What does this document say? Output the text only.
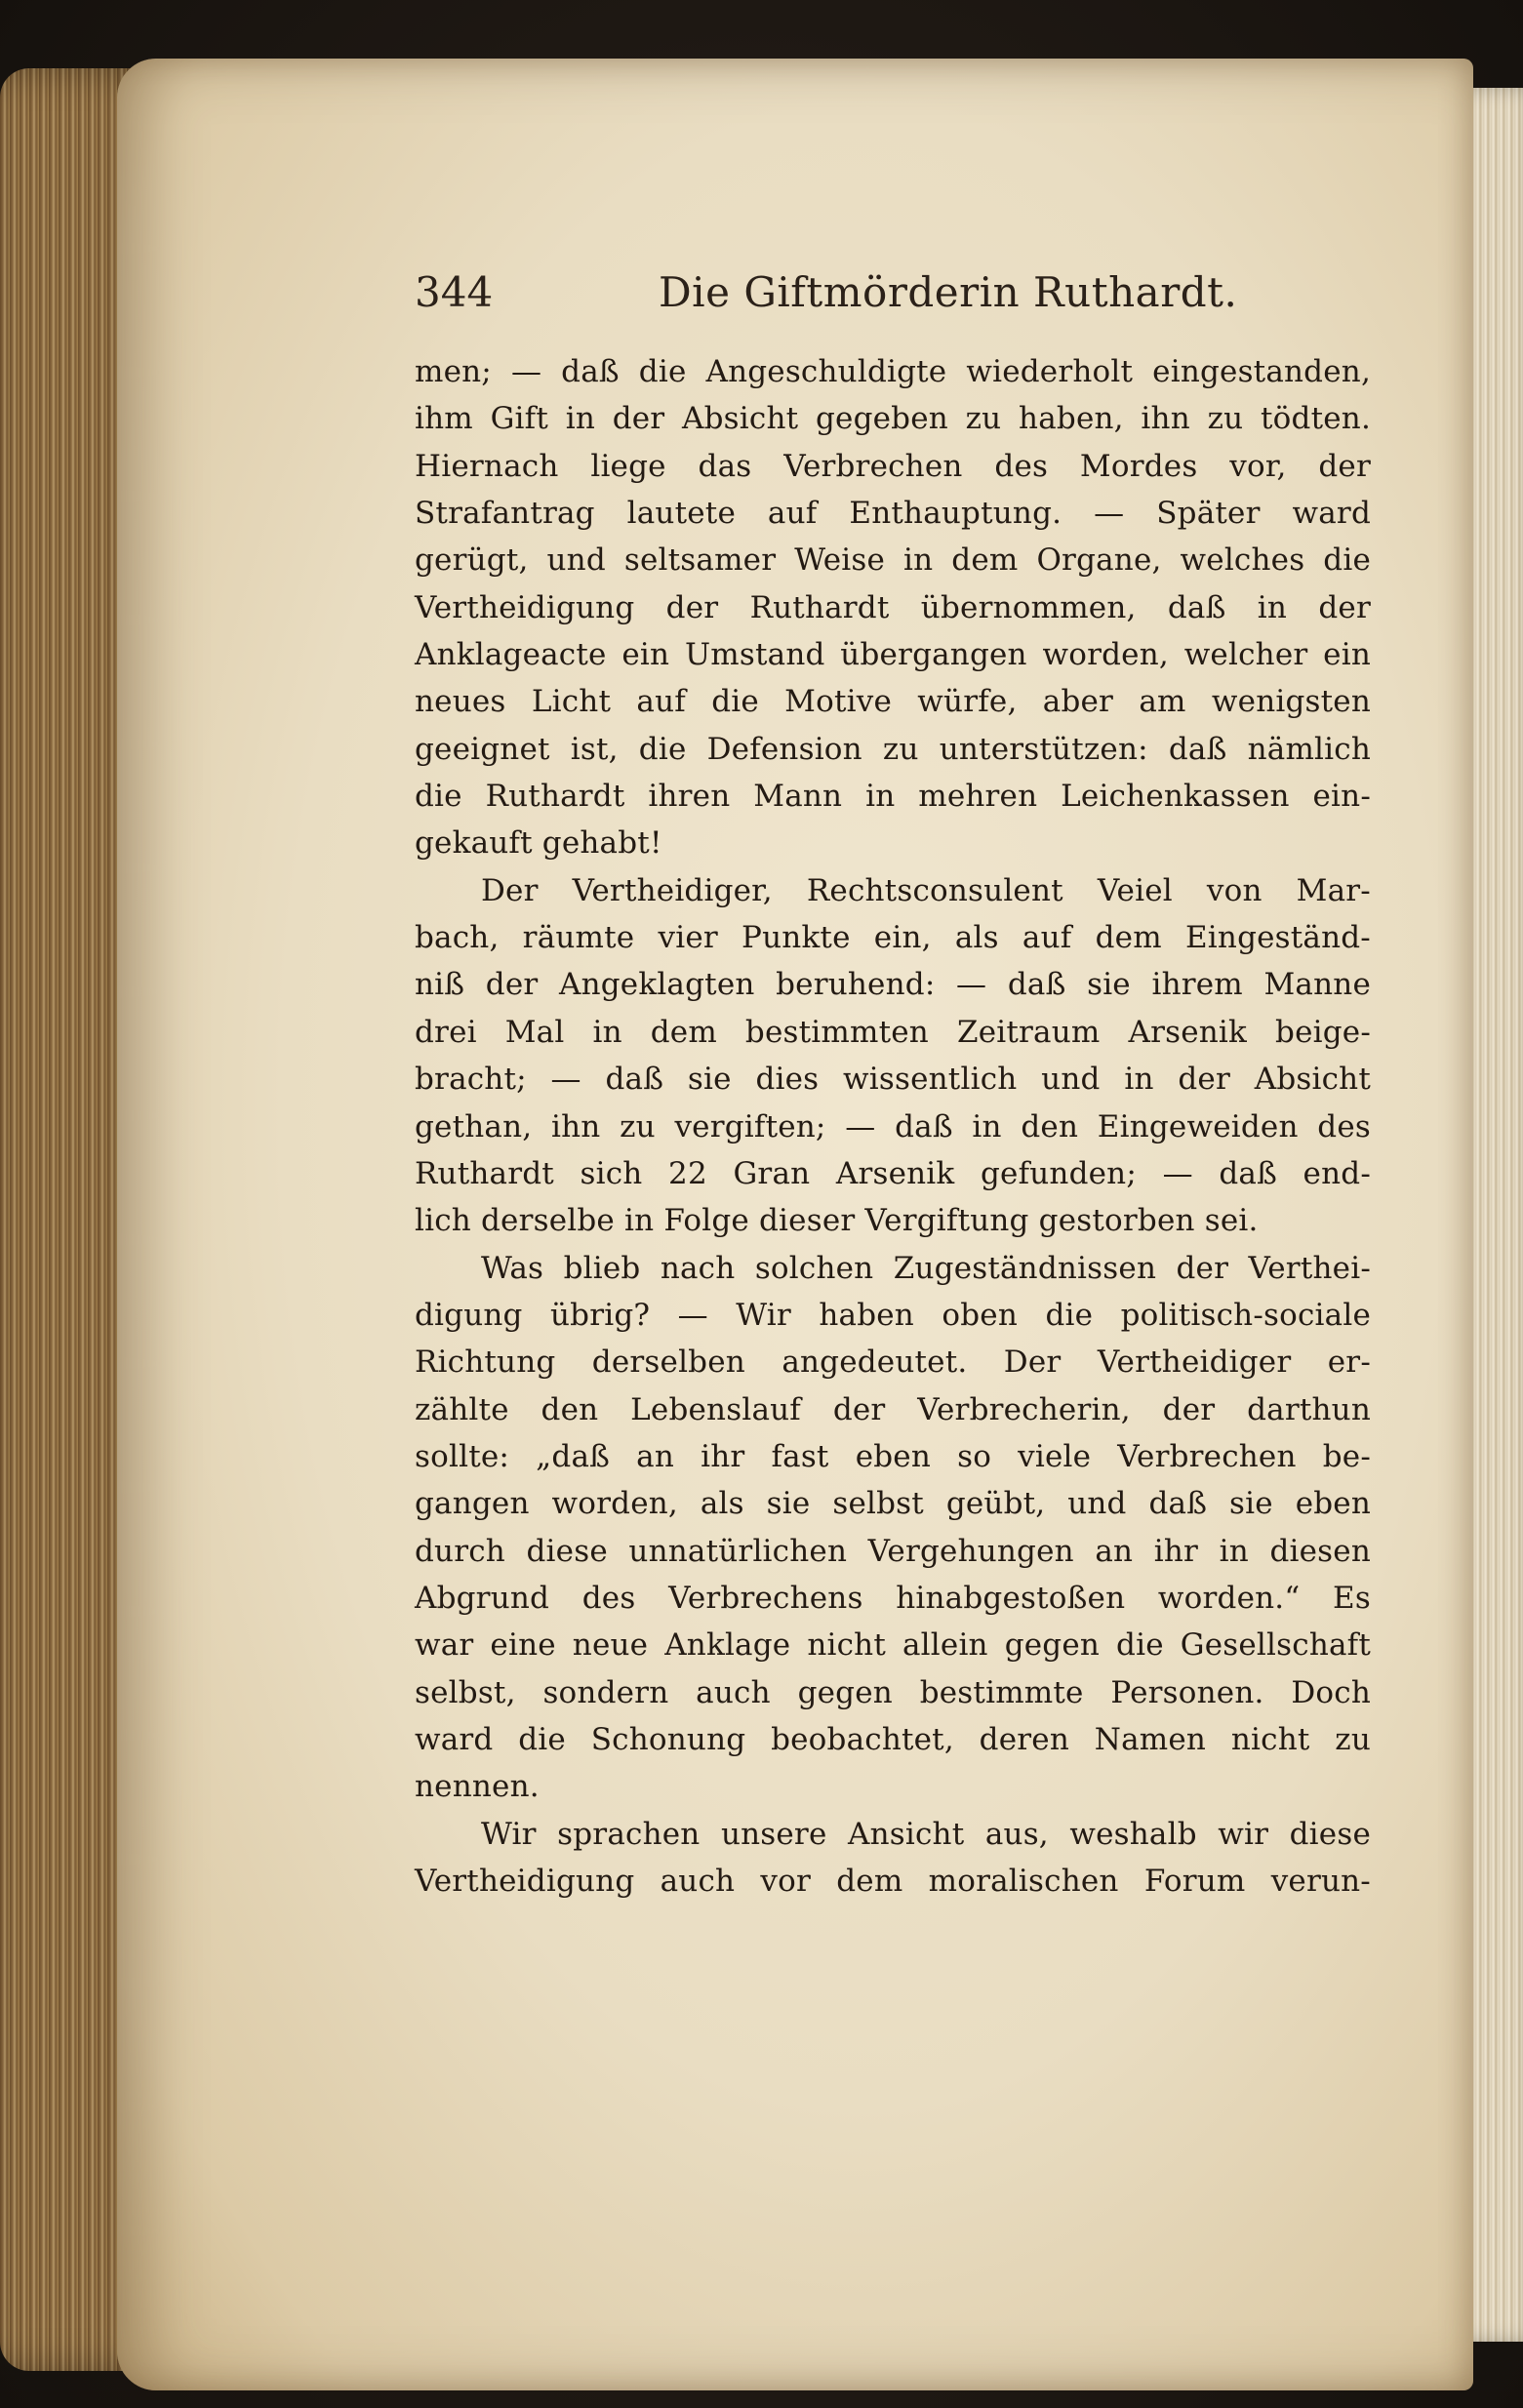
344	Die Giftmörderin Ruthardt.
men; — daß die Angeschuldigte wiederholt eingestanden,
ihm Gift in der Absicht gegeben zu haben, ihn zu tödten.
Hiernach liege das Verbrechen des Mordes vor, der
Strafantrag lautete auf Enthauptung. — Später ward
gerügt, und seltsamer Weise in dem Organe, welches die
Vertheidigung der Ruthardt übernommen, daß in der
Anklageacte ein Umstand übergangen worden, welcher ein
neues Licht auf die Motive würfe, aber am wenigsten
geeignet ist, die Defension zu unterstützen: daß nämlich
die Ruthardt ihren Mann in mehren Leichenkassen ein-
gekauft gehabt!
Der Vertheidiger, Rechtsconsulent Veiel von Mar-
bach, räumte vier Punkte ein, als auf dem Eingeständ-
niß der Angeklagten beruhend: — daß sie ihrem Manne
drei Mal in dem bestimmten Zeitraum Arsenik beige-
bracht; — daß sie dies wissentlich und in der Absicht
gethan, ihn zu vergiften; — daß in den Eingeweiden des
Ruthardt sich 22 Gran Arsenik gefunden; — daß end-
lich derselbe in Folge dieser Vergiftung gestorben sei.
Was blieb nach solchen Zugeständnissen der Verthei-
digung übrig? — Wir haben oben die politisch-sociale
Richtung derselben angedeutet. Der Vertheidiger er-
zählte den Lebenslauf der Verbrecherin, der darthun
sollte: „daß an ihr fast eben so viele Verbrechen be-
gangen worden, als sie selbst geübt, und daß sie eben
durch diese unnatürlichen Vergehungen an ihr in diesen
Abgrund des Verbrechens hinabgestoßen worden.“ Es
war eine neue Anklage nicht allein gegen die Gesellschaft
selbst, sondern auch gegen bestimmte Personen. Doch
ward die Schonung beobachtet, deren Namen nicht zu
nennen.
Wir sprachen unsere Ansicht aus, weshalb wir diese
Vertheidigung auch vor dem moralischen Forum verun-
